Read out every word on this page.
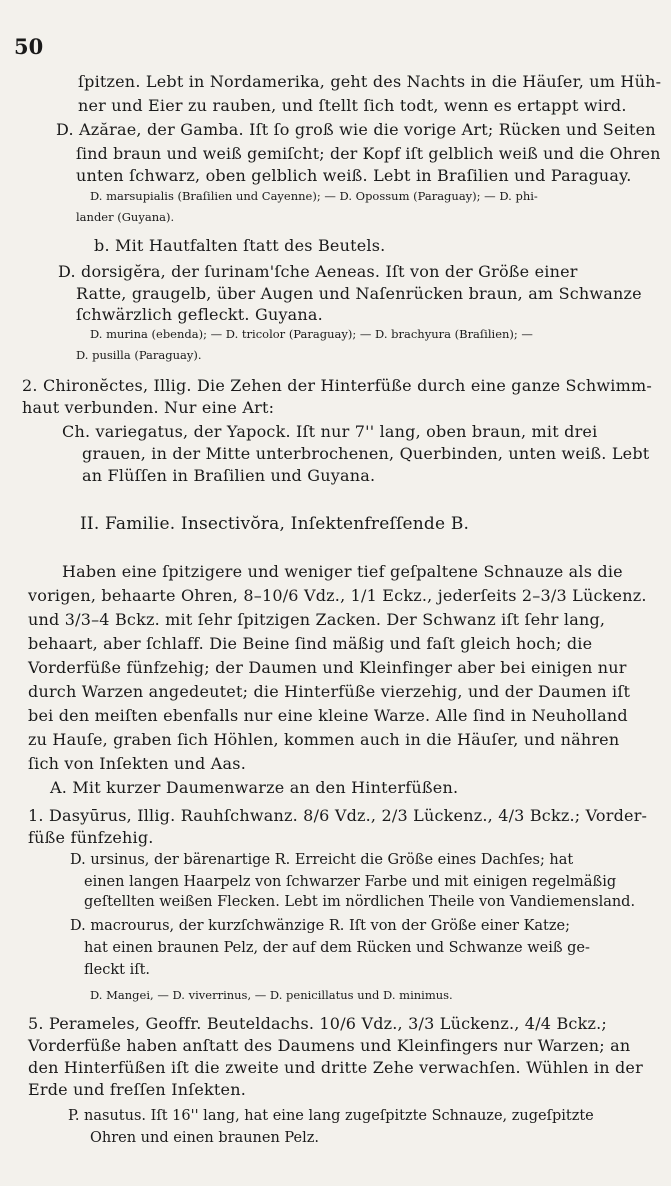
50
ſpitzen. Lebt in Nordamerika, geht des Nachts in die Häuſer, um Hüh-
ner und Eier zu rauben, und ſtellt ſich todt, wenn es ertappt wird.
D. Azărae, der Gamba. Iſt ſo groß wie die vorige Art; Rücken und Seiten
ſind braun und weiß gemiſcht; der Kopf iſt gelblich weiß und die Ohren
unten ſchwarz, oben gelblich weiß. Lebt in Braſilien und Paraguay.
D. marsupialis (Braſilien und Cayenne); — D. Opossum (Paraguay); — D. phi-
lander (Guyana).
b. Mit Hautfalten ſtatt des Beutels.
D. dorsigĕra, der ſurinam'ſche Aeneas. Iſt von der Größe einer
Ratte, graugelb, über Augen und Naſenrücken braun, am Schwanze
ſchwärzlich gefleckt. Guyana.
D. murina (ebenda); — D. tricolor (Paraguay); — D. brachyura (Braſilien); —
D. pusilla (Paraguay).
2. Chironĕctes, Illig. Die Zehen der Hinterfüße durch eine ganze Schwimm-
haut verbunden. Nur eine Art:
Ch. variegatus, der Yapock. Iſt nur 7'' lang, oben braun, mit drei
grauen, in der Mitte unterbrochenen, Querbinden, unten weiß. Lebt
an Flüſſen in Braſilien und Guyana.
II. Familie. Insectivŏra, Inſektenfreſſende B.
Haben eine ſpitzigere und weniger tief geſpaltene Schnauze als die
vorigen, behaarte Ohren, 8–10/6 Vdz., 1/1 Eckz., jederſeits 2–3/3 Lückenz.
und 3/3–4 Bckz. mit ſehr ſpitzigen Zacken. Der Schwanz iſt ſehr lang,
behaart, aber ſchlaff. Die Beine ſind mäßig und faſt gleich hoch; die
Vorderfüße fünfzehig; der Daumen und Kleinfinger aber bei einigen nur
durch Warzen angedeutet; die Hinterfüße vierzehig, und der Daumen iſt
bei den meiſten ebenfalls nur eine kleine Warze. Alle ſind in Neuholland
zu Hauſe, graben ſich Höhlen, kommen auch in die Häuſer, und nähren
ſich von Inſekten und Aas.
A. Mit kurzer Daumenwarze an den Hinterfüßen.
1. Dasyūrus, Illig. Rauhſchwanz. 8/6 Vdz., 2/3 Lückenz., 4/3 Bckz.; Vorder-
füße fünfzehig.
D. ursinus, der bärenartige R. Erreicht die Größe eines Dachſes; hat
einen langen Haarpelz von ſchwarzer Farbe und mit einigen regelmäßig
geſtellten weißen Flecken. Lebt im nördlichen Theile von Vandiemensland.
D. macrourus, der kurzſchwänzige R. Iſt von der Größe einer Katze;
hat einen braunen Pelz, der auf dem Rücken und Schwanze weiß ge-
fleckt iſt.
D. Mangei, — D. viverrinus, — D. penicillatus und D. minimus.
5. Perameles, Geoffr. Beuteldachs. 10/6 Vdz., 3/3 Lückenz., 4/4 Bckz.;
Vorderfüße haben anſtatt des Daumens und Kleinfingers nur Warzen; an
den Hinterfüßen iſt die zweite und dritte Zehe verwachſen. Wühlen in der
Erde und freſſen Inſekten.
P. nasutus. Iſt 16'' lang, hat eine lang zugeſpitzte Schnauze, zugeſpitzte
Ohren und einen braunen Pelz.
